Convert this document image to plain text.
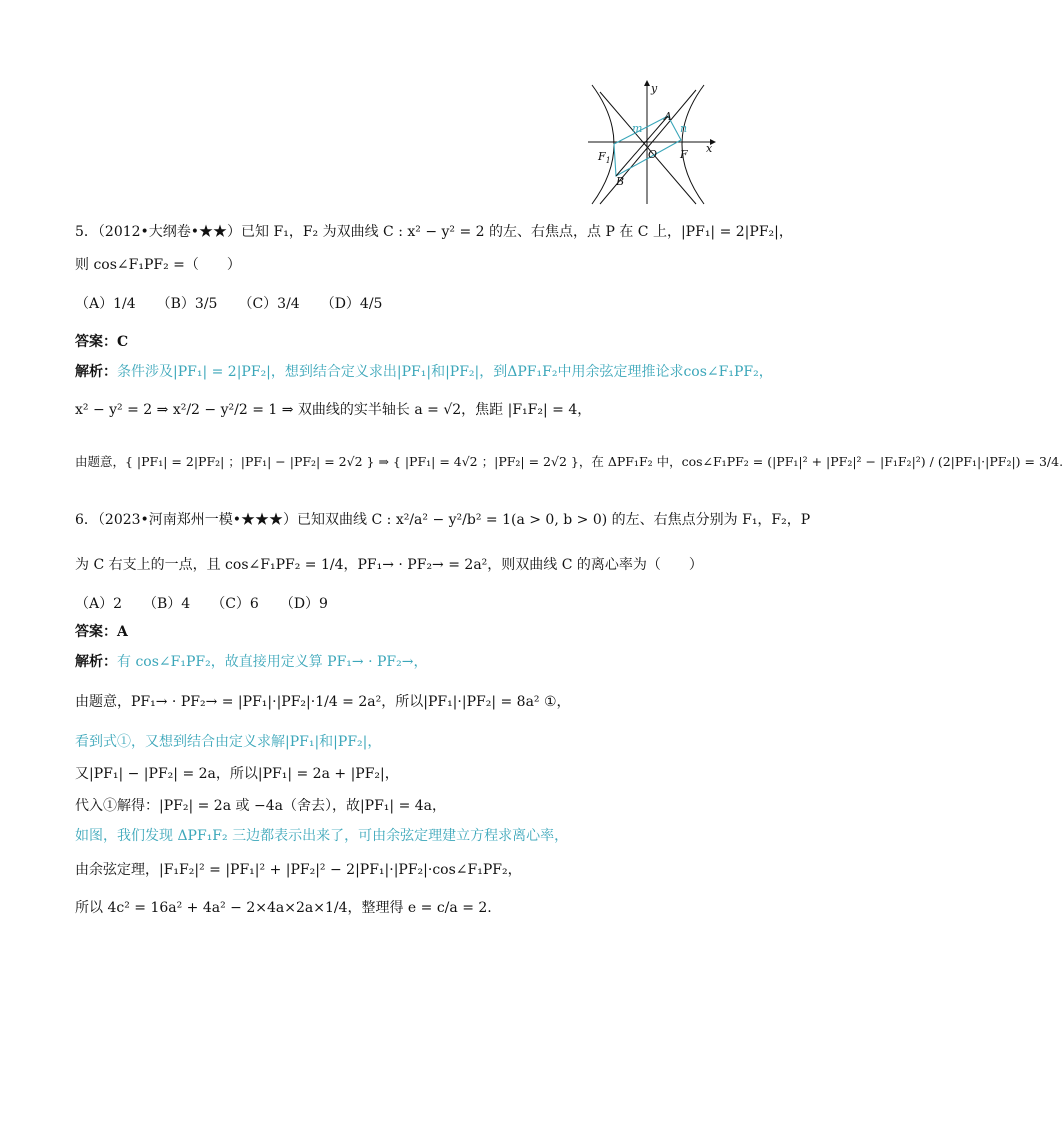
y
x
A
B
O F
$F_1$
m	n
5．（2012•大纲卷•★★）已知 F₁，F₂ 为双曲线 C : x² − y² = 2 的左、右焦点，点 P 在 C 上，|PF₁| = 2|PF₂|，
则 cos∠F₁PF₂ =（　　）
（A）1/4　　（B）3/5　　（C）3/4　　（D）4/5
答案：C
解析：条件涉及|PF₁| = 2|PF₂|，想到结合定义求出|PF₁|和|PF₂|，到ΔPF₁F₂中用余弦定理推论求cos∠F₁PF₂，
x² − y² = 2 ⇒ x²/2 − y²/2 = 1 ⇒ 双曲线的实半轴长 a = √2，焦距 |F₁F₂| = 4，
由题意，{ |PF₁| = 2|PF₂| ；|PF₁| − |PF₂| = 2√2 } ⇒ { |PF₁| = 4√2 ；|PF₂| = 2√2 }，在 ΔPF₁F₂ 中，cos∠F₁PF₂ = (|PF₁|² + |PF₂|² − |F₁F₂|²) / (2|PF₁|·|PF₂|) = 3/4.
6．（2023•河南郑州一模•★★★）已知双曲线 C : x²/a² − y²/b² = 1(a > 0, b > 0) 的左、右焦点分别为 F₁，F₂，P
为 C 右支上的一点，且 cos∠F₁PF₂ = 1/4，PF₁→ · PF₂→ = 2a²，则双曲线 C 的离心率为（　　）
（A）2　　（B）4　　（C）6　　（D）9
答案：A
解析：有 cos∠F₁PF₂，故直接用定义算 PF₁→ · PF₂→，
由题意，PF₁→ · PF₂→ = |PF₁|·|PF₂|·1/4 = 2a²，所以|PF₁|·|PF₂| = 8a² ①，
看到式①，又想到结合由定义求解|PF₁|和|PF₂|，
又|PF₁| − |PF₂| = 2a，所以|PF₁| = 2a + |PF₂|，
代入①解得：|PF₂| = 2a 或 −4a（舍去），故|PF₁| = 4a，
如图，我们发现 ΔPF₁F₂ 三边都表示出来了，可由余弦定理建立方程求离心率，
由余弦定理，|F₁F₂|² = |PF₁|² + |PF₂|² − 2|PF₁|·|PF₂|·cos∠F₁PF₂，
所以 4c² = 16a² + 4a² − 2×4a×2a×1/4，整理得 e = c/a = 2.
